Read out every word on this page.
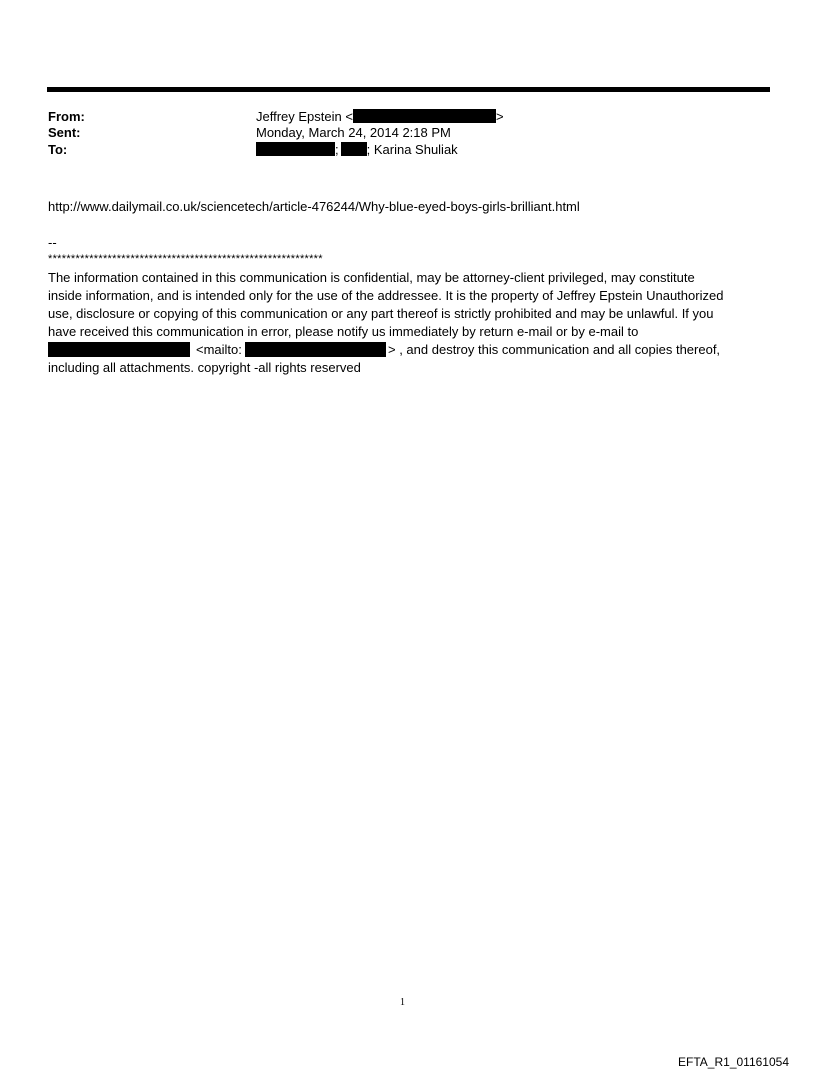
From:	Jeffrey Epstein <	>
Sent:	Monday, March 24, 2014 2:18 PM
To:	; ; Karina Shuliak
http://www.dailymail.co.uk/sciencetech/article-476244/Why-blue-eyed-boys-girls-brilliant.html
--
************************************************************
The information contained in this communication is confidential, may be attorney-client privileged, may constitute
inside information, and is intended only for the use of the addressee. It is the property of Jeffrey Epstein Unauthorized
use, disclosure or copying of this communication or any part thereof is strictly prohibited and may be unlawful. If you
have received this communication in error, please notify us immediately by return e-mail or by e-mail to
<mailto:	> , and destroy this communication and all copies thereof,
including all attachments. copyright -all rights reserved
1
EFTA_R1_01161054
